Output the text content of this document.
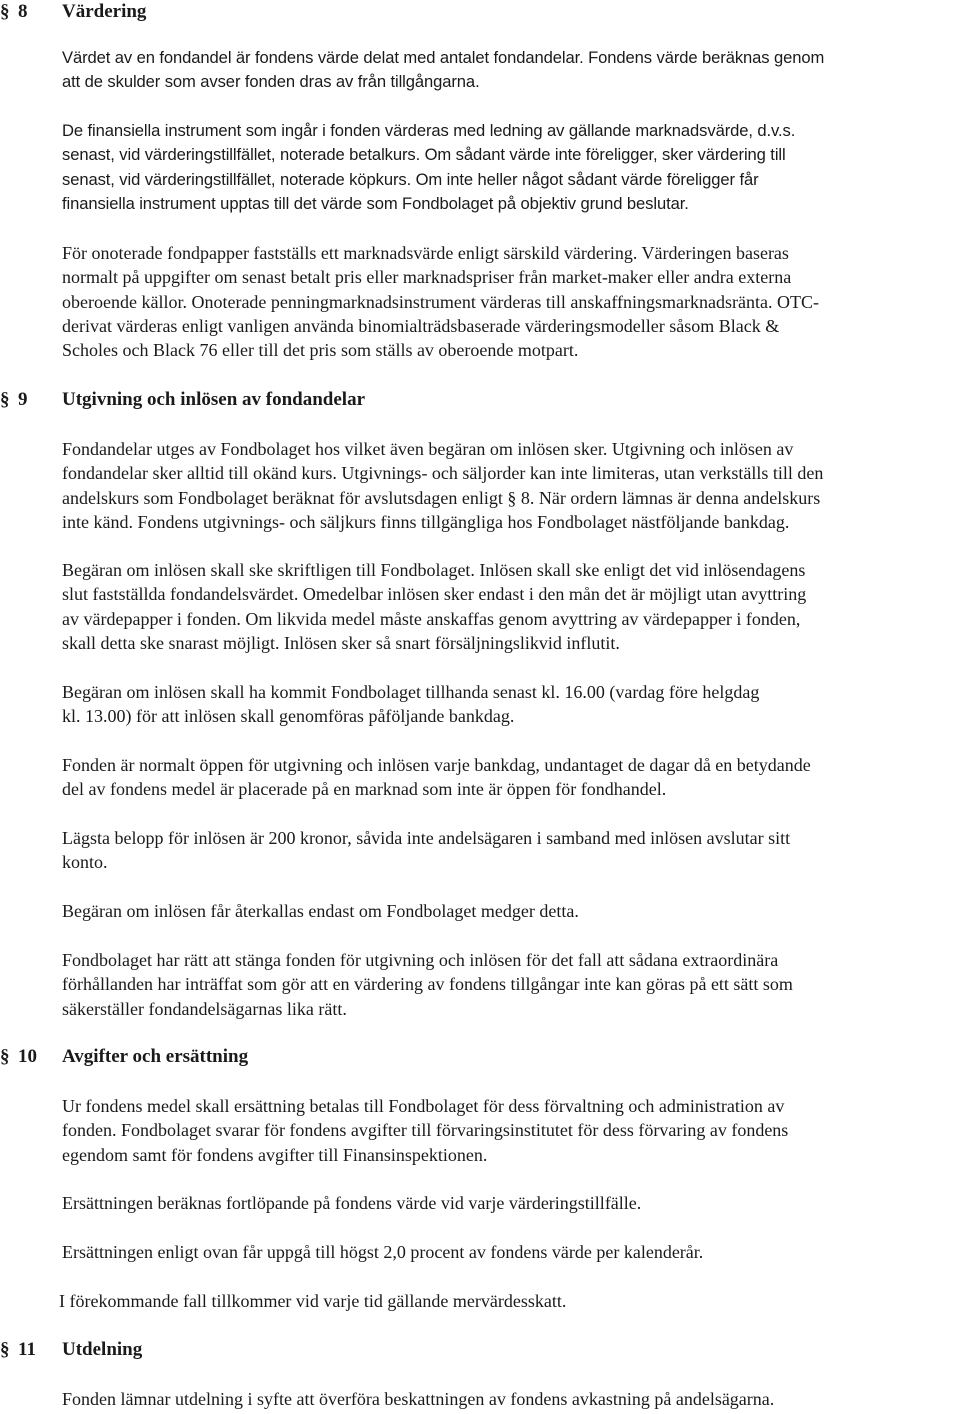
§ 8 Värdering

Värdet av en fondandel är fondens värde delat med antalet fondandelar. Fondens värde beräknas genom
att de skulder som avser fonden dras av från tillgångarna.

De finansiella instrument som ingår i fonden värderas med ledning av gällande marknadsvärde, d.v.s.
senast, vid värderingstillfället, noterade betalkurs. Om sådant värde inte föreligger, sker värdering till
senast, vid värderingstillfället, noterade köpkurs. Om inte heller något sådant värde föreligger får
finansiella instrument upptas till det värde som Fondbolaget på objektiv grund beslutar.

För onoterade fondpapper fastställs ett marknadsvärde enligt särskild värdering. Värderingen baseras
normalt på uppgifter om senast betalt pris eller marknadspriser från market-maker eller andra externa
oberoende källor. Onoterade penningmarknadsinstrument värderas till anskaffningsmarknadsränta. OTC-
derivat värderas enligt vanligen använda binomialträdsbaserade värderingsmodeller såsom Black &
Scholes och Black 76 eller till det pris som ställs av oberoende motpart.

§ 9 Utgivning och inlösen av fondandelar

Fondandelar utges av Fondbolaget hos vilket även begäran om inlösen sker. Utgivning och inlösen av
fondandelar sker alltid till okänd kurs. Utgivnings- och säljorder kan inte limiteras, utan verkställs till den
andelskurs som Fondbolaget beräknat för avslutsdagen enligt § 8. När ordern lämnas är denna andelskurs
inte känd. Fondens utgivnings- och säljkurs finns tillgängliga hos Fondbolaget nästföljande bankdag.

Begäran om inlösen skall ske skriftligen till Fondbolaget. Inlösen skall ske enligt det vid inlösendagens
slut fastställda fondandelsvärdet. Omedelbar inlösen sker endast i den mån det är möjligt utan avyttring
av värdepapper i fonden. Om likvida medel måste anskaffas genom avyttring av värdepapper i fonden,
skall detta ske snarast möjligt. Inlösen sker så snart försäljningslikvid influtit.

Begäran om inlösen skall ha kommit Fondbolaget tillhanda senast kl. 16.00 (vardag före helgdag
kl. 13.00) för att inlösen skall genomföras påföljande bankdag.

Fonden är normalt öppen för utgivning och inlösen varje bankdag, undantaget de dagar då en betydande
del av fondens medel är placerade på en marknad som inte är öppen för fondhandel.

Lägsta belopp för inlösen är 200 kronor, såvida inte andelsägaren i samband med inlösen avslutar sitt
konto.

Begäran om inlösen får återkallas endast om Fondbolaget medger detta.

Fondbolaget har rätt att stänga fonden för utgivning och inlösen för det fall att sådana extraordinära
förhållanden har inträffat som gör att en värdering av fondens tillgångar inte kan göras på ett sätt som
säkerställer fondandelsägarnas lika rätt.

§ 10 Avgifter och ersättning

Ur fondens medel skall ersättning betalas till Fondbolaget för dess förvaltning och administration av
fonden. Fondbolaget svarar för fondens avgifter till förvaringsinstitutet för dess förvaring av fondens
egendom samt för fondens avgifter till Finansinspektionen.

Ersättningen beräknas fortlöpande på fondens värde vid varje värderingstillfälle.

Ersättningen enligt ovan får uppgå till högst 2,0 procent av fondens värde per kalenderår.

I förekommande fall tillkommer vid varje tid gällande mervärdesskatt.

§ 11 Utdelning

Fonden lämnar utdelning i syfte att överföra beskattningen av fondens avkastning på andelsägarna.
